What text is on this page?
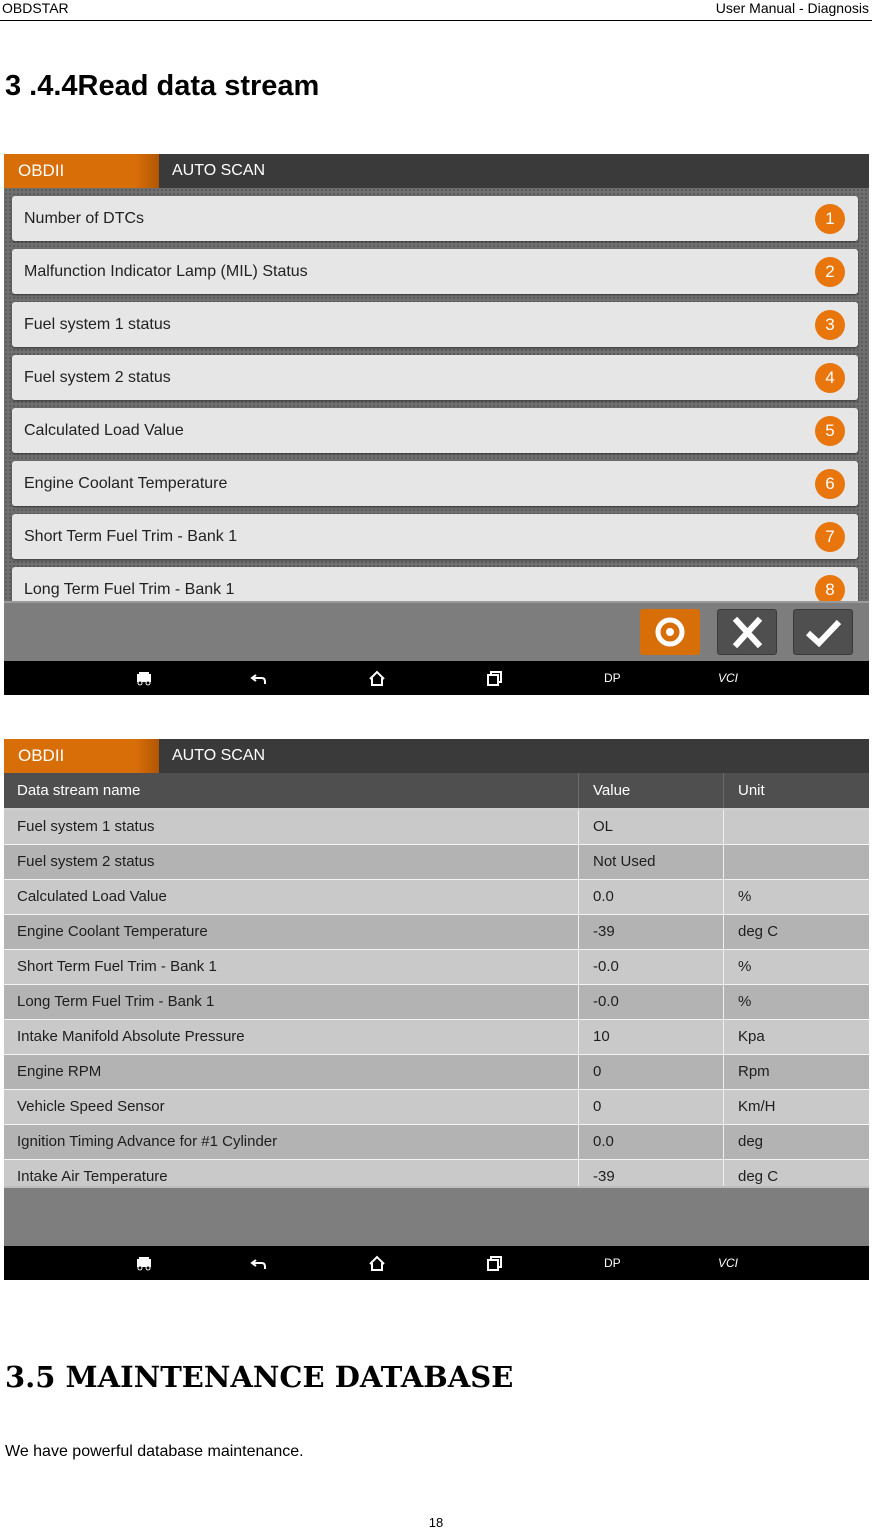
OBDSTAR	User Manual - Diagnosis
3 .4.4Read data stream
OBDII	AUTO SCAN
Number of DTCs	1
Malfunction Indicator Lamp (MIL) Status	2
Fuel system 1 status	3
Fuel system 2 status	4
Calculated Load Value	5
Engine Coolant Temperature	6
Short Term Fuel Trim - Bank 1	7
Long Term Fuel Trim - Bank 1	8
DP	VCI
OBDII	AUTO SCAN
Data stream name	Value	Unit
Fuel system 1 status	OL
Fuel system 2 status	Not Used
Calculated Load Value	0.0	%
Engine Coolant Temperature	-39	deg C
Short Term Fuel Trim - Bank 1	-0.0	%
Long Term Fuel Trim - Bank 1	-0.0	%
Intake Manifold Absolute Pressure	10	Kpa
Engine RPM	0	Rpm
Vehicle Speed Sensor	0	Km/H
Ignition Timing Advance for #1 Cylinder	0.0	deg
Intake Air Temperature	-39	deg C
DP	VCI
3.5 MAINTENANCE DATABASE
We have powerful database maintenance.
18
